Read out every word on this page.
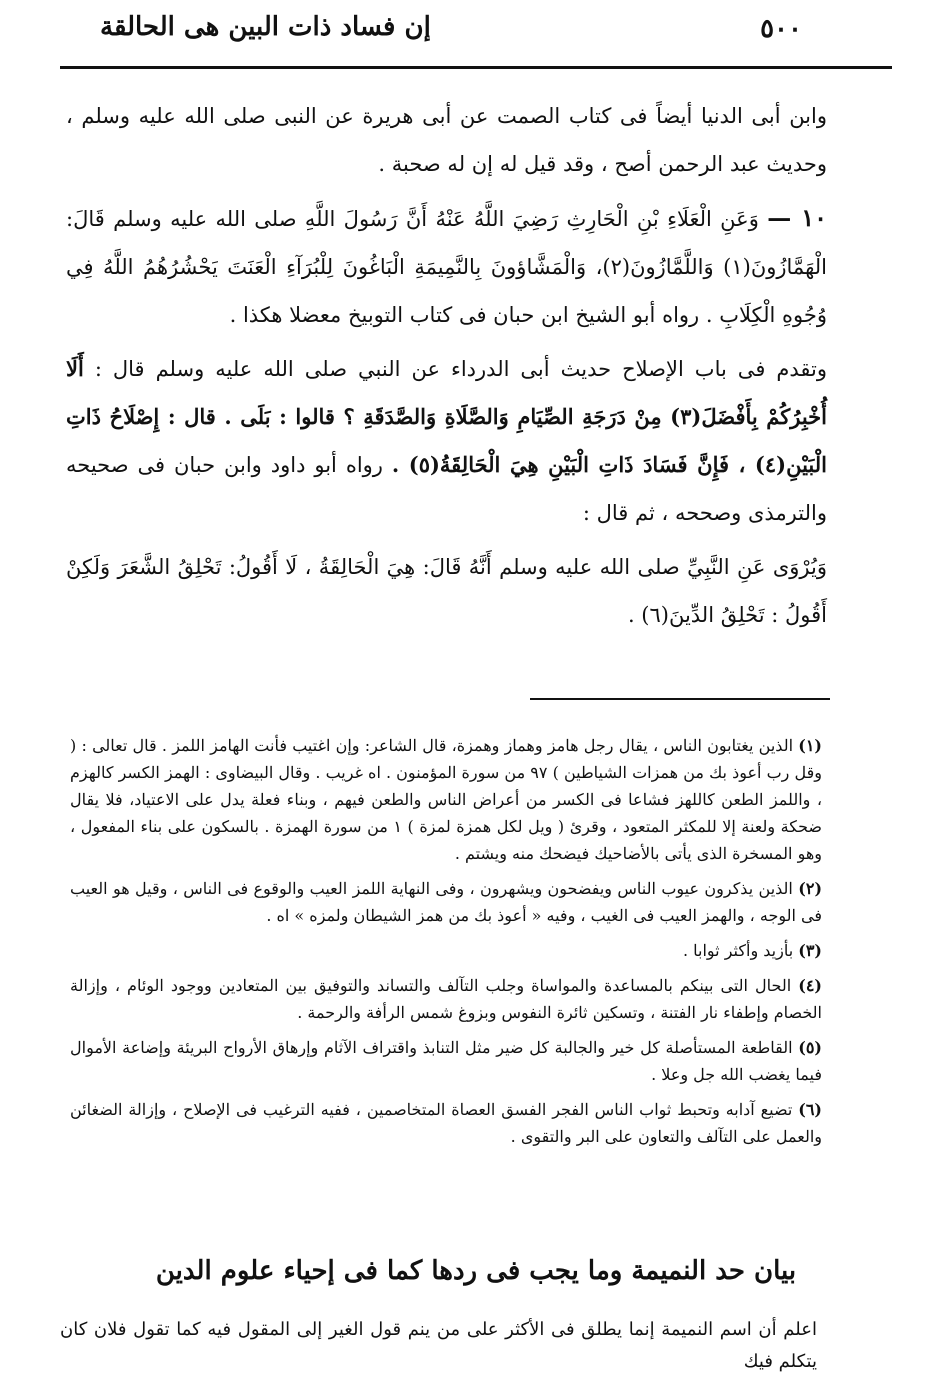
٥٠٠
إن فساد ذات البين هى الحالقة

وابن أبى الدنيا أيضاً فى كتاب الصمت عن أبى هريرة عن النبى صلى الله عليه وسلم ، وحديث عبد الرحمن أصح ، وقد قيل له إن له صحبة .

١٠ — وَعَنِ الْعَلَاءِ بْنِ الْحَارِثِ رَضِيَ اللَّهُ عَنْهُ أَنَّ رَسُولَ اللَّهِ صلى الله عليه وسلم قَالَ: الْهَمَّازُونَ(١) وَاللَّمَّازُونَ(٢)، وَالْمَشَّاؤونَ بِالنَّمِيمَةِ الْبَاغُونَ لِلْبُرَآءِ الْعَنَتَ يَحْشُرُهُمُ اللَّهُ فِي وُجُوهِ الْكِلَابِ . رواه أبو الشيخ ابن حبان فى كتاب التوبيخ معضلا هكذا .

وتقدم فى باب الإصلاح حديث أبى الدرداء عن النبي صلى الله عليه وسلم قال : أَلَا أُخْبِرُكُمْ بِأَفْضَلَ(٣) مِنْ دَرَجَةِ الصِّيَامِ وَالصَّلَاةِ وَالصَّدَقَةِ ؟ قالوا : بَلَى . قال : إِصْلَاحُ ذَاتِ الْبَيْنِ(٤) ، فَإِنَّ فَسَادَ ذَاتِ الْبَيْنِ هِيَ الْحَالِقَةُ(٥) . رواه أبو داود وابن حبان فى صحيحه والترمذى وصححه ، ثم قال :

وَيُرْوَى عَنِ النَّبِيِّ صلى الله عليه وسلم أَنَّهُ قَالَ: هِيَ الْحَالِقَةُ ، لَا أَقُولُ: تَحْلِقُ الشَّعَرَ وَلَكِنْ أَقُولُ : تَحْلِقُ الدِّينَ(٦) .

(١) الذين يغتابون الناس ، يقال رجل هامز وهماز وهمزة، قال الشاعر: وإن اغتيب فأنت الهامز اللمز . قال تعالى : ( وقل رب أعوذ بك من همزات الشياطين ) ٩٧ من سورة المؤمنون . اه غريب . وقال البيضاوى : الهمز الكسر كالهزم ، واللمز الطعن كاللهز فشاعا فى الكسر من أعراض الناس والطعن فيهم ، وبناء فعلة يدل على الاعتياد، فلا يقال ضحكة ولعنة إلا للمكثر المتعود ، وقرئ ( ويل لكل همزة لمزة ) ١ من سورة الهمزة . بالسكون على بناء المفعول ، وهو المسخرة الذى يأتى بالأضاحيك فيضحك منه ويشتم .

(٢) الذين يذكرون عيوب الناس ويفضحون ويشهرون ، وفى النهاية اللمز العيب والوقوع فى الناس ، وقيل هو العيب فى الوجه ، والهمز العيب فى الغيب ، وفيه « أعوذ بك من همز الشيطان ولمزه » اه .

(٣) بأزيد وأكثر ثوابا .

(٤) الحال التى بينكم بالمساعدة والمواساة وجلب التآلف والتساند والتوفيق بين المتعادين ووجود الوئام ، وإزالة الخصام وإطفاء نار الفتنة ، وتسكين ثائرة النفوس وبزوغ شمس الرأفة والرحمة .

(٥) القاطعة المستأصلة كل خير والجالبة كل ضير مثل التنابذ واقتراف الآثام وإرهاق الأرواح البريئة وإضاعة الأموال فيما يغضب الله جل وعلا .

(٦) تضيع آدابه وتحبط ثواب الناس الفجر الفسق العصاة المتخاصمين ، ففيه الترغيب فى الإصلاح ، وإزالة الضغائن والعمل على التآلف والتعاون على البر والتقوى .

بيان حد النميمة وما يجب فى ردها كما فى إحياء علوم الدين
اعلم أن اسم النميمة إنما يطلق فى الأكثر على من ينم قول الغير إلى المقول فيه كما تقول فلان كان يتكلم فيك
